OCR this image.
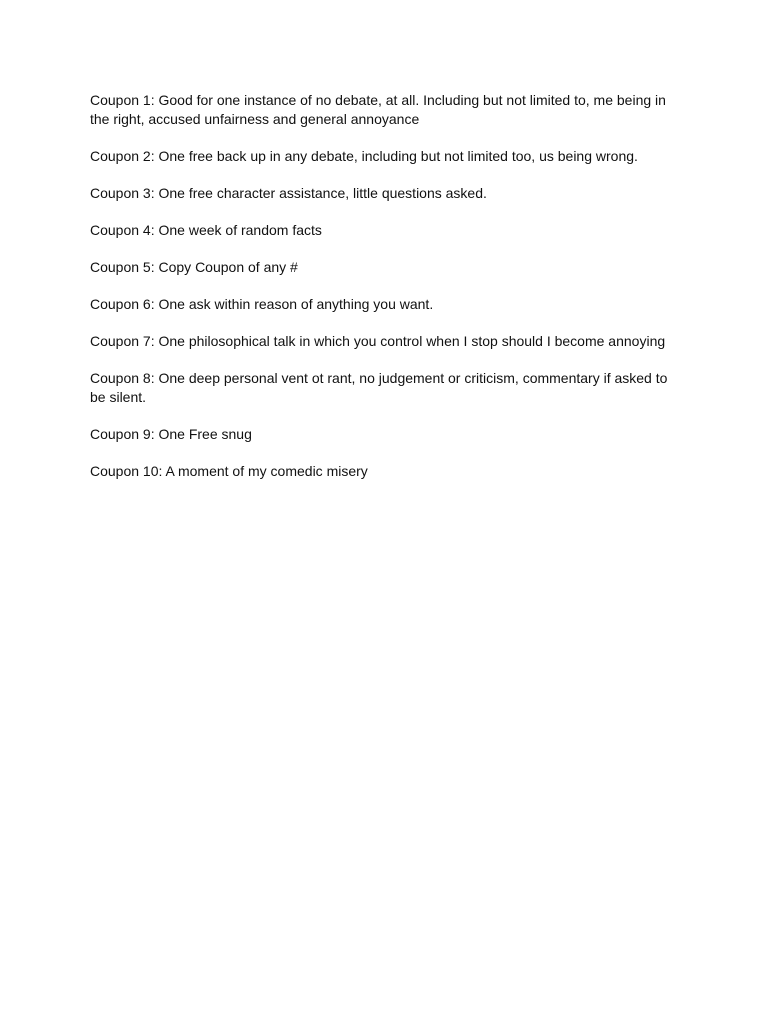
Coupon 1: Good for one instance of no debate, at all. Including but not limited to, me being in the right, accused unfairness and general annoyance

Coupon 2: One free back up in any debate, including but not limited too, us being wrong.

Coupon 3: One free character assistance, little questions asked.

Coupon 4: One week of random facts

Coupon 5: Copy Coupon of any #

Coupon 6: One ask within reason of anything you want.

Coupon 7: One philosophical talk in which you control when I stop should I become annoying

Coupon 8: One deep personal vent ot rant, no judgement or criticism, commentary if asked to be silent.

Coupon 9: One Free snug

Coupon 10: A moment of my comedic misery
